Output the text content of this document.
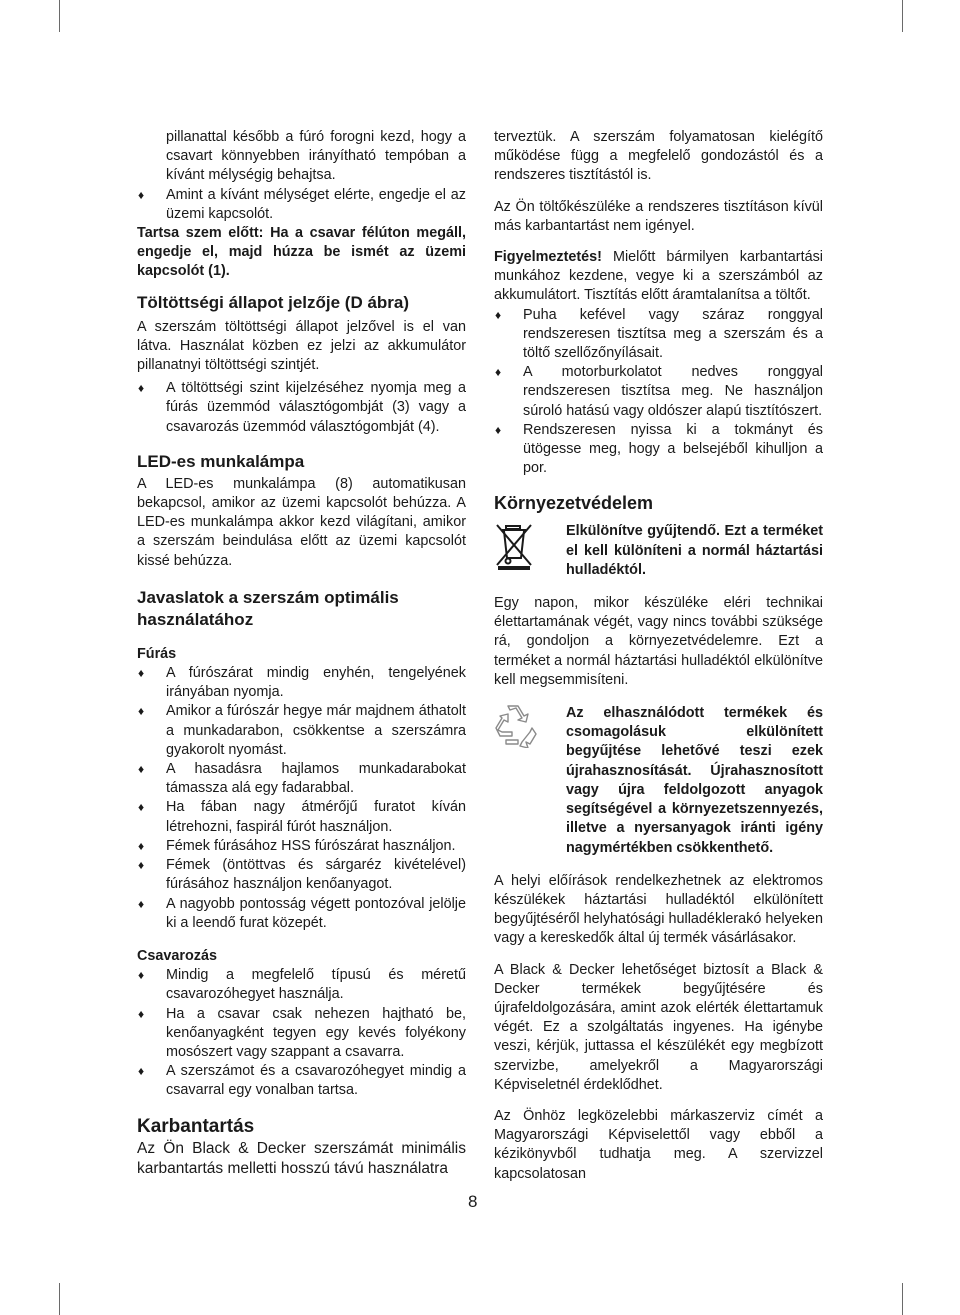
pillanattal később a fúró forogni kezd, hogy a csavart könnyebben irányítható tempóban a kívánt mélységig behajtsa.

♦ Amint a kívánt mélységet elérte, engedje el az üzemi kapcsolót.

Tartsa szem előtt: Ha a csavar félúton megáll, engedje el, majd húzza be ismét az üzemi kapcsolót (1).

Töltöttségi állapot jelzője (D ábra)

A szerszám töltöttségi állapot jelzővel is el van látva. Használat közben ez jelzi az akkumulátor pillanatnyi töltöttségi szintjét.

♦ A töltöttségi szint kijelzéséhez nyomja meg a fúrás üzemmód választógombját (3) vagy a csavarozás üzemmód választógombját (4).
LED-es munkalámpa

A LED-es munkalámpa (8) automatikusan bekapcsol, amikor az üzemi kapcsolót behúzza. A LED-es munkalámpa akkor kezd világítani, amikor a szerszám beindulása előtt az üzemi kapcsolót kissé behúzza.

Javaslatok a szerszám optimális használatához
Fúrás
♦ A fúrószárat mindig enyhén, tengelyének irányában nyomja.
♦ Amikor a fúrószár hegye már majdnem áthatolt a munkadarabon, csökkentse a szerszámra gyakorolt nyomást.
♦ A hasadásra hajlamos munkadarabokat támassza alá egy fadarabbal.
♦ Ha fában nagy átmérőjű furatot kíván létrehozni, faspirál fúrót használjon.
♦ Fémek fúrásához HSS fúrószárat használjon.
♦ Fémek (öntöttvas és sárgaréz kivételével) fúrásához használjon kenőanyagot.
♦ A nagyobb pontosság végett pontozóval jelölje ki a leendő furat közepét.
Csavarozás
♦ Mindig a megfelelő típusú és méretű csavarozóhegyet használja.
♦ Ha a csavar csak nehezen hajtható be, kenőanyagként tegyen egy kevés folyékony mosószert vagy szappant a csavarra.
♦ A szerszámot és a csavarozóhegyet mindig a csavarral egy vonalban tartsa.
Karbantartás

Az Ön Black & Decker szerszámát minimális karbantartás melletti hosszú távú használatra

terveztük. A szerszám folyamatosan kielégítő működése függ a megfelelő gondozástól és a rendszeres tisztítástól is.

Az Ön töltőkészüléke a rendszeres tisztításon kívül más karbantartást nem igényel.

Figyelmeztetés! Mielőtt bármilyen karbantartási munkához kezdene, vegye ki a szerszámból az akkumulátort. Tisztítás előtt áramtalanítsa a töltőt.

♦ Puha kefével vagy száraz ronggyal rendszeresen tisztítsa meg a szerszám és a töltő szellőzőnyílásait.
♦ A motorburkolatot nedves ronggyal rendszeresen tisztítsa meg. Ne használjon súroló hatású vagy oldószer alapú tisztítószert.
♦ Rendszeresen nyissa ki a tokmányt és ütögesse meg, hogy a belsejéből kihulljon a por.
Környezetvédelem
Elkülönítve gyűjtendő. Ezt a terméket el kell különíteni a normál háztartási hulladéktól.

Egy napon, mikor készüléke eléri technikai élettartamának végét, vagy nincs további szüksége rá, gondoljon a környezetvédelemre. Ezt a terméket a normál háztartási hulladéktól elkülönítve kell megsemmisíteni.

Az elhasználódott termékek és csomagolásuk elkülönített begyűjtése lehetővé teszi ezek újrahasznosítását. Újrahasznosított vagy újra feldolgozott anyagok segítségével a környezetszennyezés, illetve a nyersanyagok iránti igény nagymértékben csökkenthető.

A helyi előírások rendelkezhetnek az elektromos készülékek háztartási hulladéktól elkülönített begyűjtéséről helyhatósági hulladéklerakó helyeken vagy a kereskedők által új termék vásárlásakor.

A Black & Decker lehetőséget biztosít a Black & Decker termékek begyűjtésére és újrafeldolgozására, amint azok elérték élettartamuk végét. Ez a szolgáltatás ingyenes. Ha igénybe veszi, kérjük, juttassa el készülékét egy megbízott szervizbe, amelyekről a Magyarországi Képviseletnél érdeklődhet.

Az Önhöz legközelebbi márkaszerviz címét a Magyarországi Képviselettől vagy ebből a kézikönyvből tudhatja meg. A szervizzel kapcsolatosan

8
